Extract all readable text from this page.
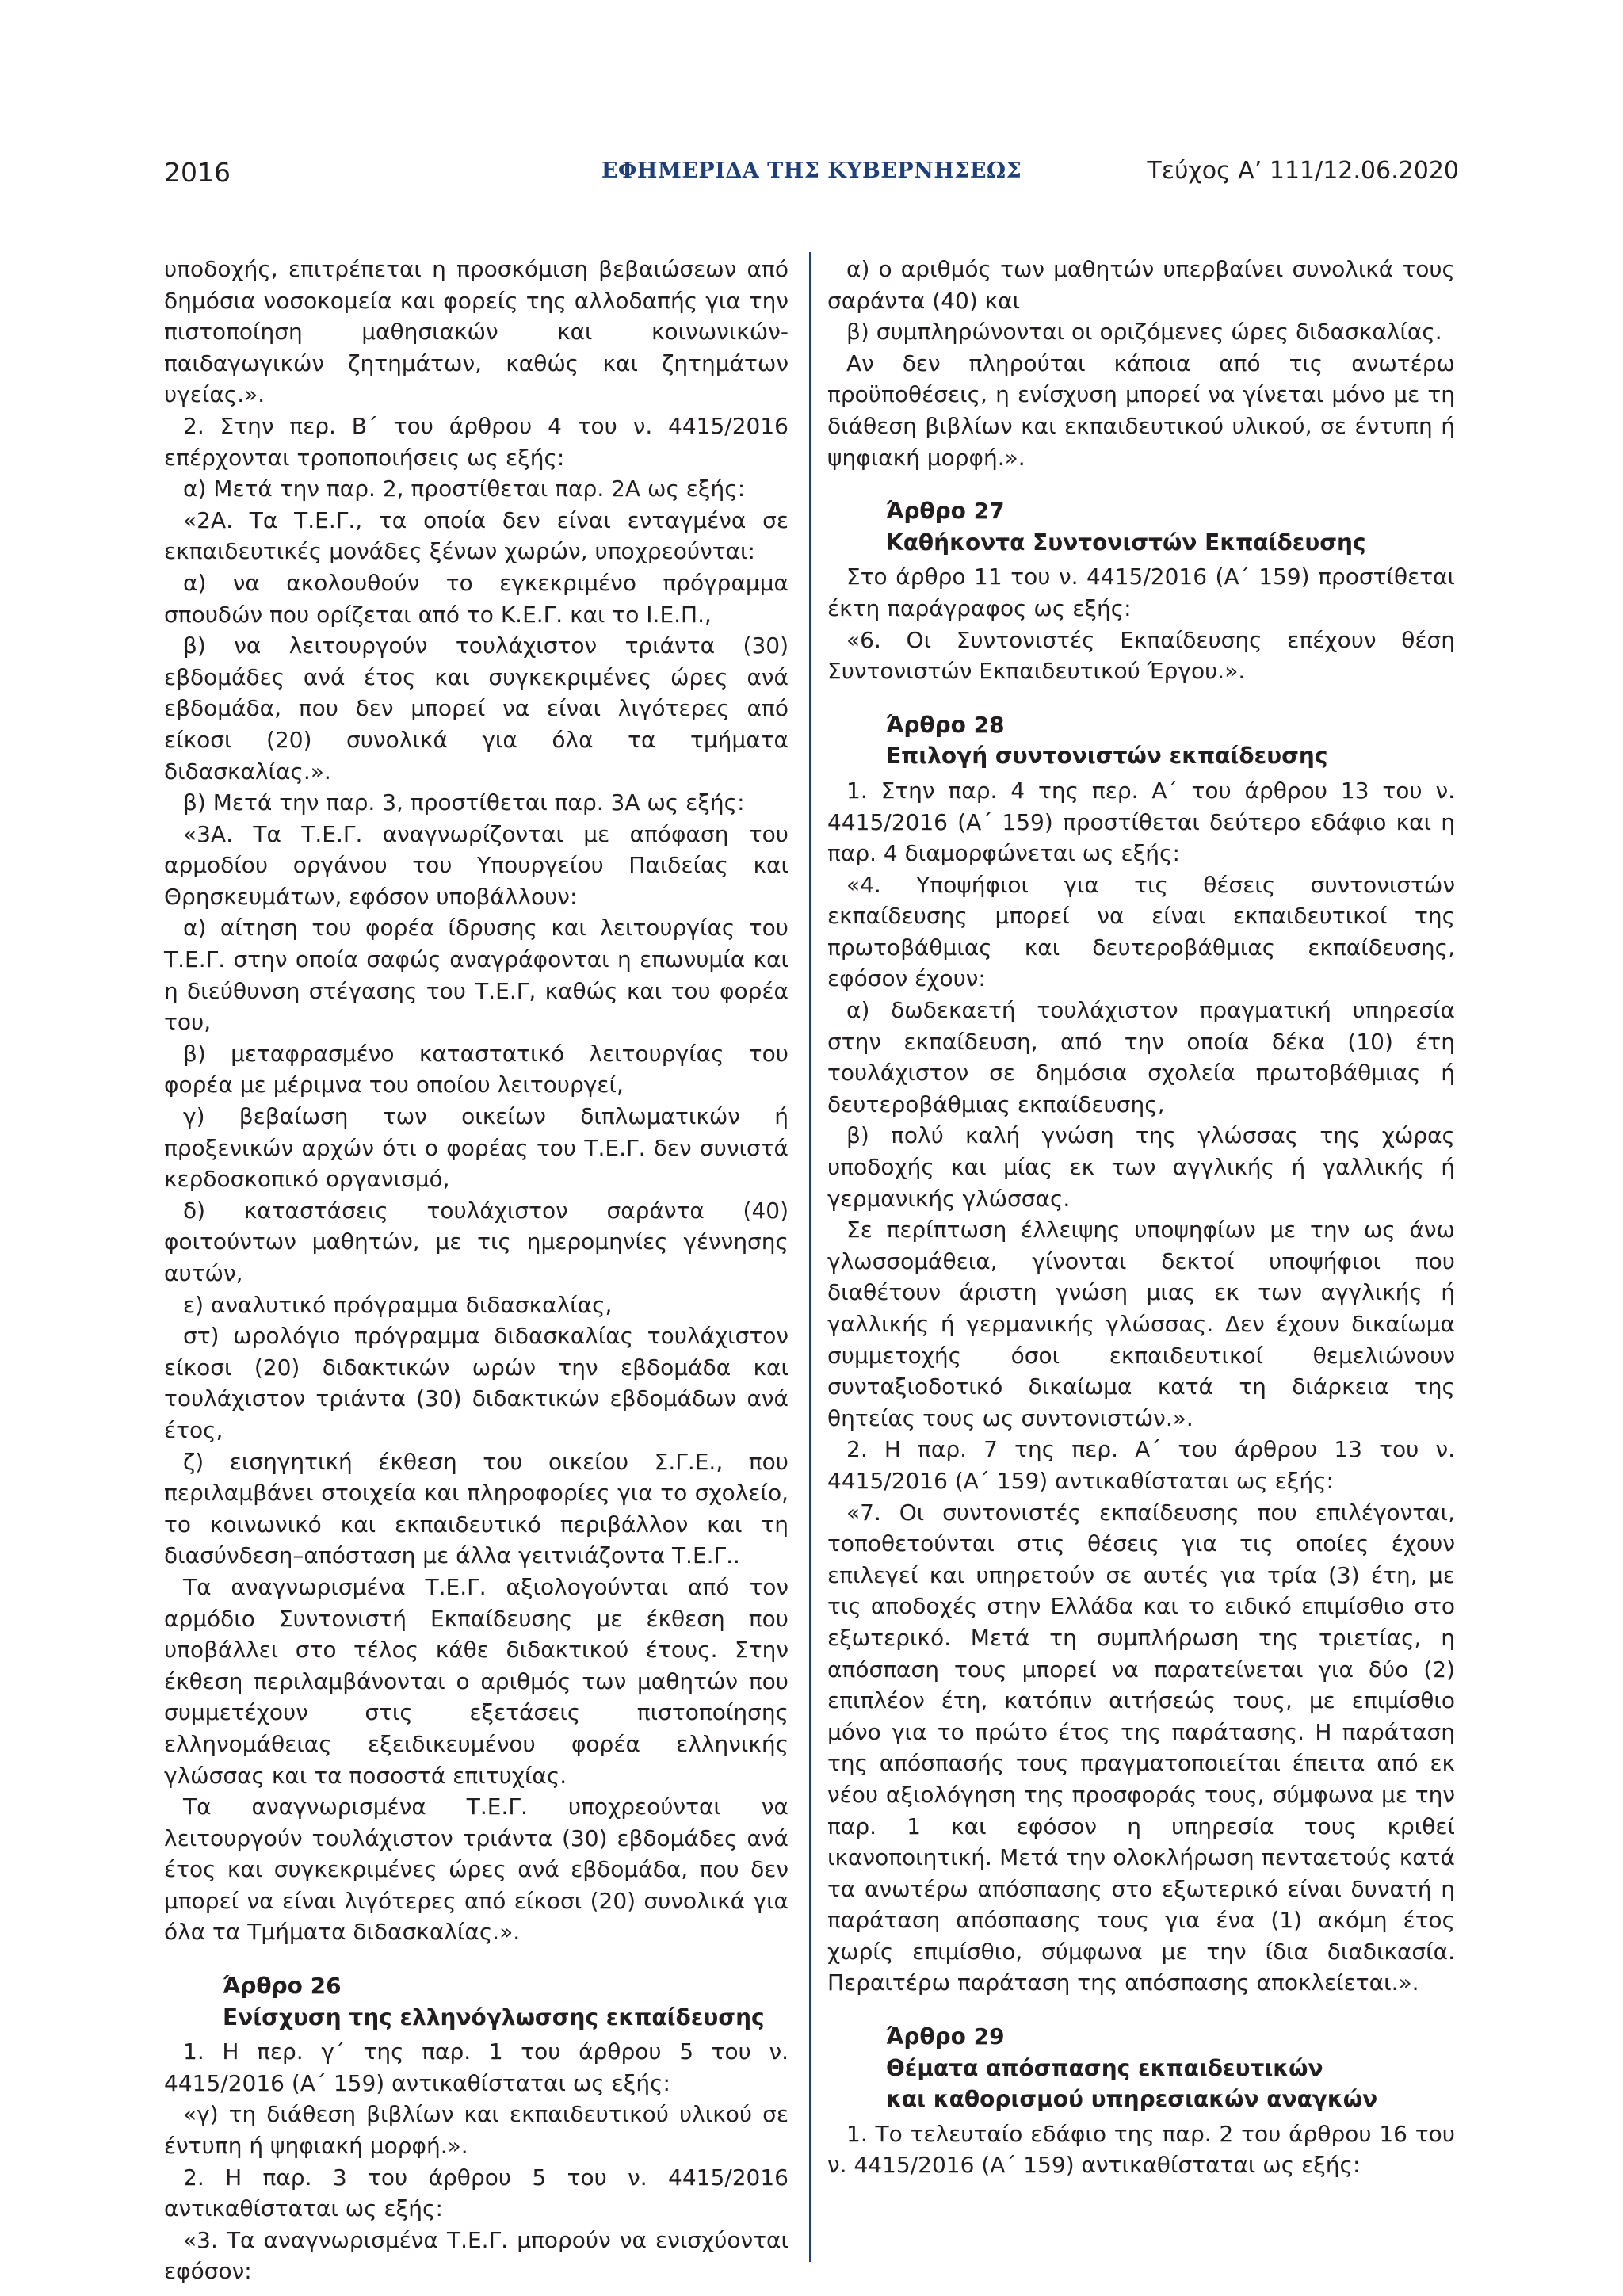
2016	ΕΦΗΜΕΡΙΔΑ ΤΗΣ ΚΥΒΕΡΝΗΣΕΩΣ	Τεύχος A’ 111/12.06.2020

υποδοχής, επιτρέπεται η προσκόμιση βεβαιώσεων από δημόσια νοσοκομεία και φορείς της αλλοδαπής για την πιστοποίηση μαθησιακών και κοινωνικών-παιδαγωγικών ζητημάτων, καθώς και ζητημάτων υγείας.».

2. Στην περ. Β΄ του άρθρου 4 του ν. 4415/2016 επέρχονται τροποποιήσεις ως εξής:

α) Μετά την παρ. 2, προστίθεται παρ. 2Α ως εξής:

«2Α. Τα Τ.Ε.Γ., τα οποία δεν είναι ενταγμένα σε εκπαιδευτικές μονάδες ξένων χωρών, υποχρεούνται:

α) να ακολουθούν το εγκεκριμένο πρόγραμμα σπουδών που ορίζεται από το Κ.Ε.Γ. και το Ι.Ε.Π.,

β) να λειτουργούν τουλάχιστον τριάντα (30) εβδομάδες ανά έτος και συγκεκριμένες ώρες ανά εβδομάδα, που δεν μπορεί να είναι λιγότερες από είκοσι (20) συνολικά για όλα τα τμήματα διδασκαλίας.».

β) Μετά την παρ. 3, προστίθεται παρ. 3Α ως εξής:

«3Α. Τα Τ.Ε.Γ. αναγνωρίζονται με απόφαση του αρμοδίου οργάνου του Υπουργείου Παιδείας και Θρησκευμάτων, εφόσον υποβάλλουν:

α) αίτηση του φορέα ίδρυσης και λειτουργίας του Τ.Ε.Γ. στην οποία σαφώς αναγράφονται η επωνυμία και η διεύθυνση στέγασης του Τ.Ε.Γ, καθώς και του φορέα του,

β) μεταφρασμένο καταστατικό λειτουργίας του φορέα με μέριμνα του οποίου λειτουργεί,

γ) βεβαίωση των οικείων διπλωματικών ή προξενικών αρχών ότι ο φορέας του Τ.Ε.Γ. δεν συνιστά κερδοσκοπικό οργανισμό,

δ) καταστάσεις τουλάχιστον σαράντα (40) φοιτούντων μαθητών, με τις ημερομηνίες γέννησης αυτών,

ε) αναλυτικό πρόγραμμα διδασκαλίας,

στ) ωρολόγιο πρόγραμμα διδασκαλίας τουλάχιστον είκοσι (20) διδακτικών ωρών την εβδομάδα και τουλάχιστον τριάντα (30) διδακτικών εβδομάδων ανά έτος,

ζ) εισηγητική έκθεση του οικείου Σ.Γ.Ε., που περιλαμβάνει στοιχεία και πληροφορίες για το σχολείο, το κοινωνικό και εκπαιδευτικό περιβάλλον και τη διασύνδεση–απόσταση με άλλα γειτνιάζοντα Τ.Ε.Γ..

Τα αναγνωρισμένα Τ.Ε.Γ. αξιολογούνται από τον αρμόδιο Συντονιστή Εκπαίδευσης με έκθεση που υποβάλλει στο τέλος κάθε διδακτικού έτους. Στην έκθεση περιλαμβάνονται ο αριθμός των μαθητών που συμμετέχουν στις εξετάσεις πιστοποίησης ελληνομάθειας εξειδικευμένου φορέα ελληνικής γλώσσας και τα ποσοστά επιτυχίας.

Τα αναγνωρισμένα Τ.Ε.Γ. υποχρεούνται να λειτουργούν τουλάχιστον τριάντα (30) εβδομάδες ανά έτος και συγκεκριμένες ώρες ανά εβδομάδα, που δεν μπορεί να είναι λιγότερες από είκοσι (20) συνολικά για όλα τα Τμήματα διδασκαλίας.».

Άρθρο 26
Ενίσχυση της ελληνόγλωσσης εκπαίδευσης

1. Η περ. γ΄ της παρ. 1 του άρθρου 5 του ν. 4415/2016 (Α΄ 159) αντικαθίσταται ως εξής:

«γ) τη διάθεση βιβλίων και εκπαιδευτικού υλικού σε έντυπη ή ψηφιακή μορφή.».

2. Η παρ. 3 του άρθρου 5 του ν. 4415/2016 αντικαθίσταται ως εξής:

«3. Τα αναγνωρισμένα Τ.Ε.Γ. μπορούν να ενισχύονται εφόσον:

α) ο αριθμός των μαθητών υπερβαίνει συνολικά τους σαράντα (40) και

β) συμπληρώνονται οι οριζόμενες ώρες διδασκαλίας.

Αν δεν πληρούται κάποια από τις ανωτέρω προϋποθέσεις, η ενίσχυση μπορεί να γίνεται μόνο με τη διάθεση βιβλίων και εκπαιδευτικού υλικού, σε έντυπη ή ψηφιακή μορφή.».

Άρθρο 27
Καθήκοντα Συντονιστών Εκπαίδευσης

Στο άρθρο 11 του ν. 4415/2016 (Α΄ 159) προστίθεται έκτη παράγραφος ως εξής:

«6. Οι Συντονιστές Εκπαίδευσης επέχουν θέση Συντονιστών Εκπαιδευτικού Έργου.».

Άρθρο 28
Επιλογή συντονιστών εκπαίδευσης

1. Στην παρ. 4 της περ. Α΄ του άρθρου 13 του ν. 4415/2016 (Α΄ 159) προστίθεται δεύτερο εδάφιο και η παρ. 4 διαμορφώνεται ως εξής:

«4. Υποψήφιοι για τις θέσεις συντονιστών εκπαίδευσης μπορεί να είναι εκπαιδευτικοί της πρωτοβάθμιας και δευτεροβάθμιας εκπαίδευσης, εφόσον έχουν:

α) δωδεκαετή τουλάχιστον πραγματική υπηρεσία στην εκπαίδευση, από την οποία δέκα (10) έτη τουλάχιστον σε δημόσια σχολεία πρωτοβάθμιας ή δευτεροβάθμιας εκπαίδευσης,

β) πολύ καλή γνώση της γλώσσας της χώρας υποδοχής και μίας εκ των αγγλικής ή γαλλικής ή γερμανικής γλώσσας.

Σε περίπτωση έλλειψης υποψηφίων με την ως άνω γλωσσομάθεια, γίνονται δεκτοί υποψήφιοι που διαθέτουν άριστη γνώση μιας εκ των αγγλικής ή γαλλικής ή γερμανικής γλώσσας. Δεν έχουν δικαίωμα συμμετοχής όσοι εκπαιδευτικοί θεμελιώνουν συνταξιοδοτικό δικαίωμα κατά τη διάρκεια της θητείας τους ως συντονιστών.».

2. Η παρ. 7 της περ. Α΄ του άρθρου 13 του ν. 4415/2016 (Α΄ 159) αντικαθίσταται ως εξής:

«7. Οι συντονιστές εκπαίδευσης που επιλέγονται, τοποθετούνται στις θέσεις για τις οποίες έχουν επιλεγεί και υπηρετούν σε αυτές για τρία (3) έτη, με τις αποδοχές στην Ελλάδα και το ειδικό επιμίσθιο στο εξωτερικό. Μετά τη συμπλήρωση της τριετίας, η απόσπαση τους μπορεί να παρατείνεται για δύο (2) επιπλέον έτη, κατόπιν αιτήσεώς τους, με επιμίσθιο μόνο για το πρώτο έτος της παράτασης. Η παράταση της απόσπασής τους πραγματοποιείται έπειτα από εκ νέου αξιολόγηση της προσφοράς τους, σύμφωνα με την παρ. 1 και εφόσον η υπηρεσία τους κριθεί ικανοποιητική. Μετά την ολοκλήρωση πενταετούς κατά τα ανωτέρω απόσπασης στο εξωτερικό είναι δυνατή η παράταση απόσπασης τους για ένα (1) ακόμη έτος χωρίς επιμίσθιο, σύμφωνα με την ίδια διαδικασία. Περαιτέρω παράταση της απόσπασης αποκλείεται.».

Άρθρο 29
Θέματα απόσπασης εκπαιδευτικών
και καθορισμού υπηρεσιακών αναγκών

1. Το τελευταίο εδάφιο της παρ. 2 του άρθρου 16 του ν. 4415/2016 (Α΄ 159) αντικαθίσταται ως εξής:
